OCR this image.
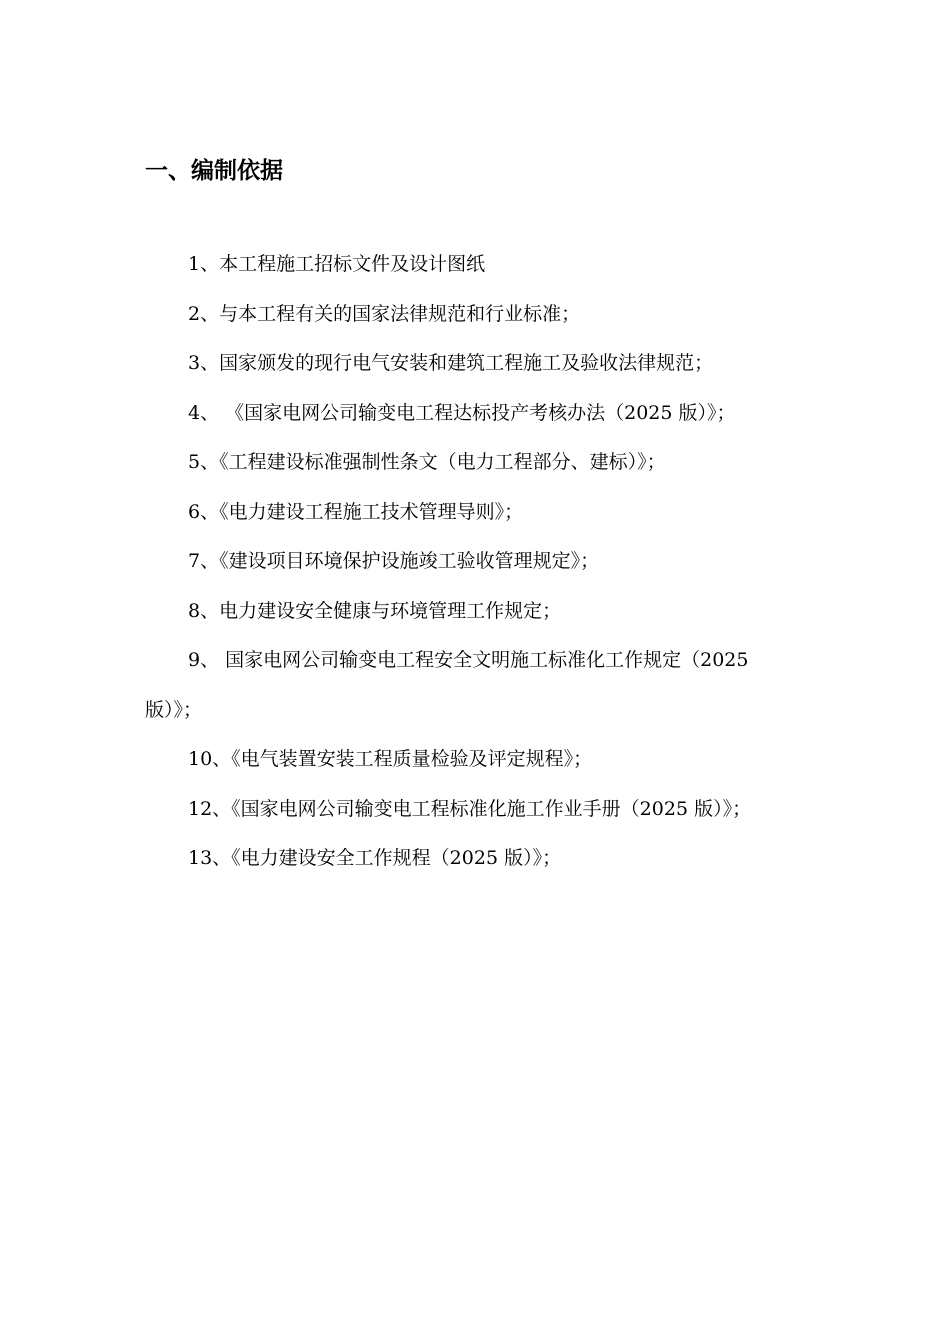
一、编制依据
1、本工程施工招标文件及设计图纸
2、与本工程有关的国家法律规范和行业标准；
3、国家颁发的现行电气安装和建筑工程施工及验收法律规范；
4、 《国家电网公司输变电工程达标投产考核办法（2025 版）》；
5、《工程建设标准强制性条文（电力工程部分、建标）》；
6、《电力建设工程施工技术管理导则》；
7、《建设项目环境保护设施竣工验收管理规定》；
8、电力建设安全健康与环境管理工作规定；
9、 国家电网公司输变电工程安全文明施工标准化工作规定（2025 版）》；
10、《电气装置安装工程质量检验及评定规程》；
12、《国家电网公司输变电工程标准化施工作业手册（2025 版）》；
13、《电力建设安全工作规程（2025 版）》；
